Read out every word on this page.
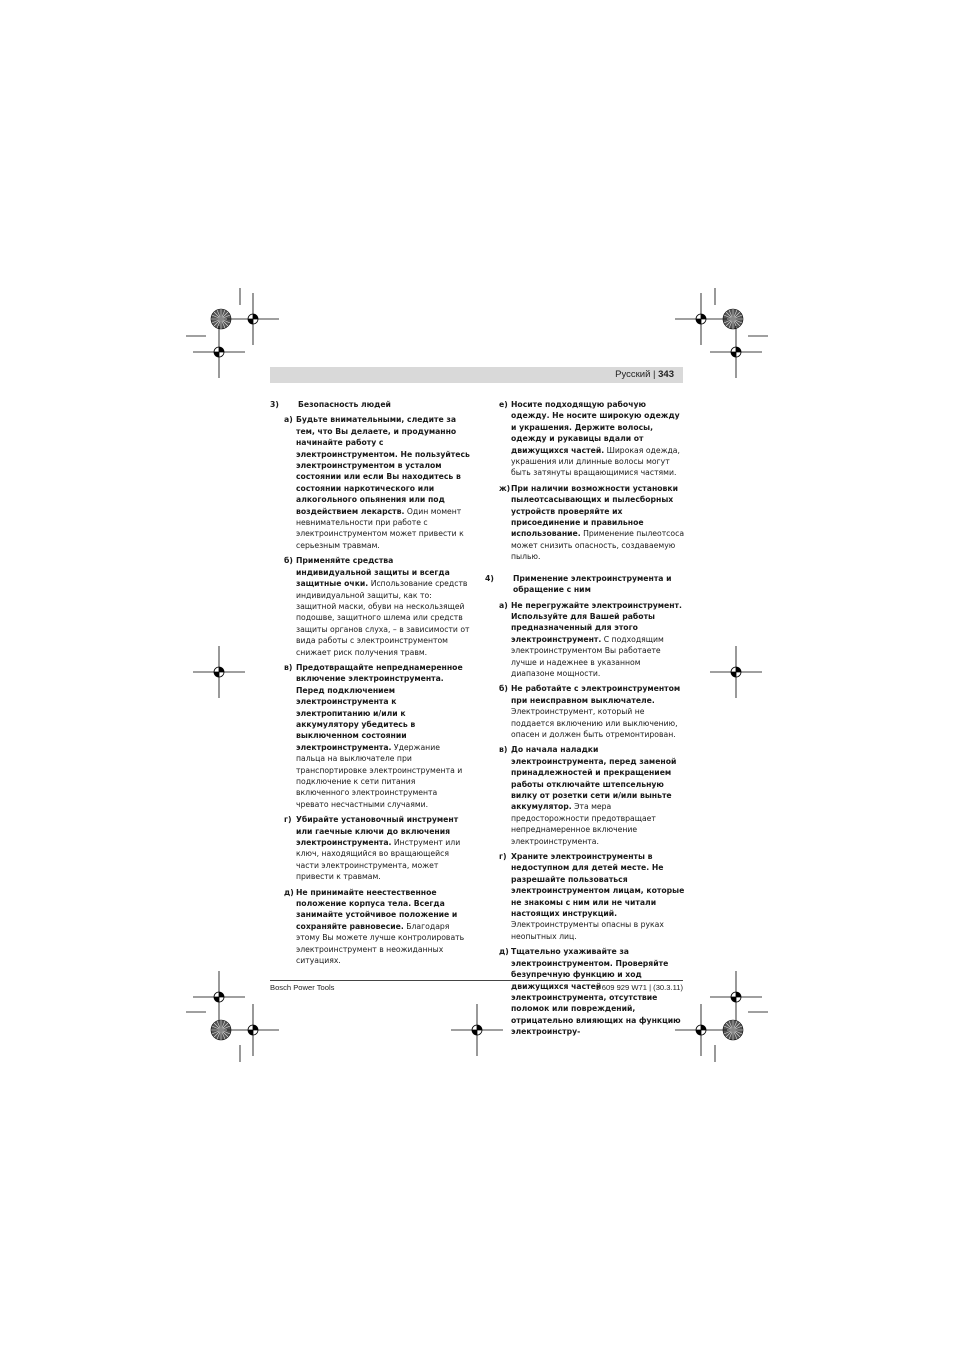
Русский | 343
3) Безопасность людей
а) Будьте внимательными, следите за тем, что Вы делаете, и продуманно начинайте работу с электроинструментом. Не пользуйтесь электроинструментом в усталом состоянии или если Вы находитесь в состоянии наркотического или алкогольного опьянения или под воздействием лекарств. Один момент невнимательности при работе с электроинструментом может привести к серьезным травмам.
б) Применяйте средства индивидуальной защиты и всегда защитные очки. Использование средств индивидуальной защиты, как то: защитной маски, обуви на нескользящей подошве, защитного шлема или средств защиты органов слуха, – в зависимости от вида работы с электроинструментом снижает риск получения травм.
в) Предотвращайте непреднамеренное включение электроинструмента. Перед подключением электроинструмента к электропитанию и/или к аккумулятору убедитесь в выключенном состоянии электроинструмента. Удержание пальца на выключателе при транспортировке электроинструмента и подключение к сети питания включенного электроинструмента чревато несчастными случаями.
г) Убирайте установочный инструмент или гаечные ключи до включения электроинструмента. Инструмент или ключ, находящийся во вращающейся части электроинструмента, может привести к травмам.
д) Не принимайте неестественное положение корпуса тела. Всегда занимайте устойчивое положение и сохраняйте равновесие. Благодаря этому Вы можете лучше контролировать электроинструмент в неожиданных ситуациях.
е) Носите подходящую рабочую одежду. Не носите широкую одежду и украшения. Держите волосы, одежду и рукавицы вдали от движущихся частей. Широкая одежда, украшения или длинные волосы могут быть затянуты вращающимися частями.
ж) При наличии возможности установки пылеотсасывающих и пылесборных устройств проверяйте их присоединение и правильное использование. Применение пылеотсоса может снизить опасность, создаваемую пылью.
4) Применение электроинструмента и обращение с ним
а) Не перегружайте электроинструмент. Используйте для Вашей работы предназначенный для этого электроинструмент. С подходящим электроинструментом Вы работаете лучше и надежнее в указанном диапазоне мощности.
б) Не работайте с электроинструментом при неисправном выключателе. Электроинструмент, который не поддается включению или выключению, опасен и должен быть отремонтирован.
в) До начала наладки электроинструмента, перед заменой принадлежностей и прекращением работы отключайте штепсельную вилку от розетки сети и/или выньте аккумулятор. Эта мера предосторожности предотвращает непреднамеренное включение электроинструмента.
г) Храните электроинструменты в недоступном для детей месте. Не разрешайте пользоваться электроинструментом лицам, которые не знакомы с ним или не читали настоящих инструкций. Электроинструменты опасны в руках неопытных лиц.
д) Тщательно ухаживайте за электроинструментом. Проверяйте безупречную функцию и ход движущихся частей электроинструмента, отсутствие поломок или повреждений, отрицательно влияющих на функцию электроинстру-
Bosch Power Tools	1 609 929 W71 | (30.3.11)
